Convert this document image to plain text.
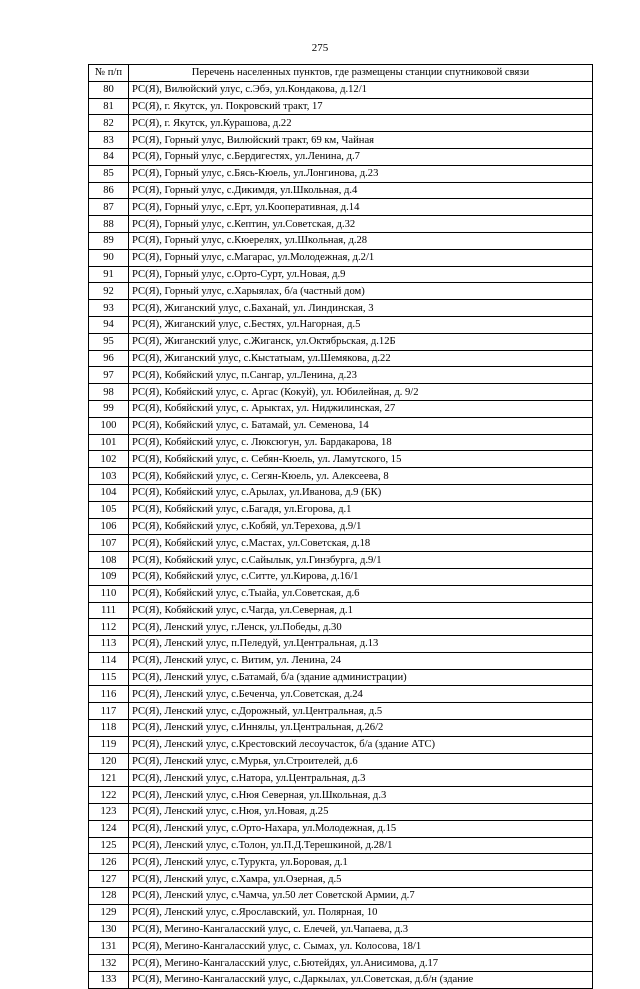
275
№ п/п	Перечень населенных пунктов, где размещены станции спутниковой связи
80	РС(Я), Вилюйский улус, с.Эбэ, ул.Кондакова, д.12/1
81	РС(Я), г. Якутск, ул. Покровский тракт, 17
82	РС(Я), г. Якутск, ул.Курашова, д.22
83	РС(Я), Горный улус, Вилюйский тракт, 69 км, Чайная
84	РС(Я), Горный улус, с.Бердигестях, ул.Ленина, д.7
85	РС(Я), Горный улус, с.Бясь-Кюель, ул.Лонгинова, д.23
86	РС(Я), Горный улус, с.Дикимдя, ул.Школьная, д.4
87	РС(Я), Горный улус, с.Ерт, ул.Кооперативная, д.14
88	РС(Я), Горный улус, с.Кептин, ул.Советская, д.32
89	РС(Я), Горный улус, с.Кюерелях, ул.Школьная, д.28
90	РС(Я), Горный улус, с.Магарас, ул.Молодежная, д.2/1
91	РС(Я), Горный улус, с.Орто-Сурт, ул.Новая, д.9
92	РС(Я), Горный улус, с.Харыялах, б/а (частный дом)
93	РС(Я), Жиганский улус, с.Баханай, ул. Линдинская, 3
94	РС(Я), Жиганский улус, с.Бестях, ул.Нагорная, д.5
95	РС(Я), Жиганский улус, с.Жиганск, ул.Октябрьская, д.12Б
96	РС(Я), Жиганский улус, с.Кыстатыам, ул.Шемякова, д.22
97	РС(Я), Кобяйский улус, п.Сангар, ул.Ленина, д.23
98	РС(Я), Кобяйский улус, с. Аргас (Кокуй), ул. Юбилейная, д. 9/2
99	РС(Я), Кобяйский улус, с. Арыктах, ул. Ниджилинская, 27
100	РС(Я), Кобяйский улус, с. Батамай, ул. Семенова, 14
101	РС(Я), Кобяйский улус, с. Люксюгун, ул. Бардакарова, 18
102	РС(Я), Кобяйский улус, с. Себян-Кюель, ул. Ламутского, 15
103	РС(Я), Кобяйский улус, с. Сегян-Кюель, ул. Алексеева, 8
104	РС(Я), Кобяйский улус, с.Арылах, ул.Иванова, д.9 (БК)
105	РС(Я), Кобяйский улус, с.Багадя, ул.Егорова, д.1
106	РС(Я), Кобяйский улус, с.Кобяй, ул.Терехова, д.9/1
107	РС(Я), Кобяйский улус, с.Мастах, ул.Советская, д.18
108	РС(Я), Кобяйский улус, с.Сайылык, ул.Гинзбурга, д.9/1
109	РС(Я), Кобяйский улус, с.Ситте, ул.Кирова, д.16/1
110	РС(Я), Кобяйский улус, с.Тыайа, ул.Советская, д.6
111	РС(Я), Кобяйский улус, с.Чагда, ул.Северная, д.1
112	РС(Я), Ленский улус, г.Ленск, ул.Победы, д.30
113	РС(Я), Ленский улус, п.Пеледуй, ул.Центральная, д.13
114	РС(Я), Ленский улус, с. Витим, ул. Ленина, 24
115	РС(Я), Ленский улус, с.Батамай, б/а (здание администрации)
116	РС(Я), Ленский улус, с.Беченча, ул.Советская, д.24
117	РС(Я), Ленский улус, с.Дорожный, ул.Центральная, д.5
118	РС(Я), Ленский улус, с.Иннялы, ул.Центральная, д.26/2
119	РС(Я), Ленский улус, с.Крестовский лесоучасток, б/а (здание АТС)
120	РС(Я), Ленский улус, с.Мурья, ул.Строителей, д.6
121	РС(Я), Ленский улус, с.Натора, ул.Центральная, д.3
122	РС(Я), Ленский улус, с.Нюя Северная, ул.Школьная, д.3
123	РС(Я), Ленский улус, с.Нюя, ул.Новая, д.25
124	РС(Я), Ленский улус, с.Орто-Нахара, ул.Молодежная, д.15
125	РС(Я), Ленский улус, с.Толон, ул.П.Д.Терешкиной, д.28/1
126	РС(Я), Ленский улус, с.Турукта, ул.Боровая, д.1
127	РС(Я), Ленский улус, с.Хамра, ул.Озерная, д.5
128	РС(Я), Ленский улус, с.Чамча, ул.50 лет Советской Армии, д.7
129	РС(Я), Ленский улус, с.Ярославский, ул. Полярная, 10
130	РС(Я), Мегино-Кангаласский улус, с. Елечей, ул.Чапаева, д.3
131	РС(Я), Мегино-Кангаласский улус, с. Сымах, ул. Колосова, 18/1
132	РС(Я), Мегино-Кангаласский улус, с.Бютейдях, ул.Анисимова, д.17
133	РС(Я), Мегино-Кангаласский улус, с.Даркылах, ул.Советская, д.б/н (здание
